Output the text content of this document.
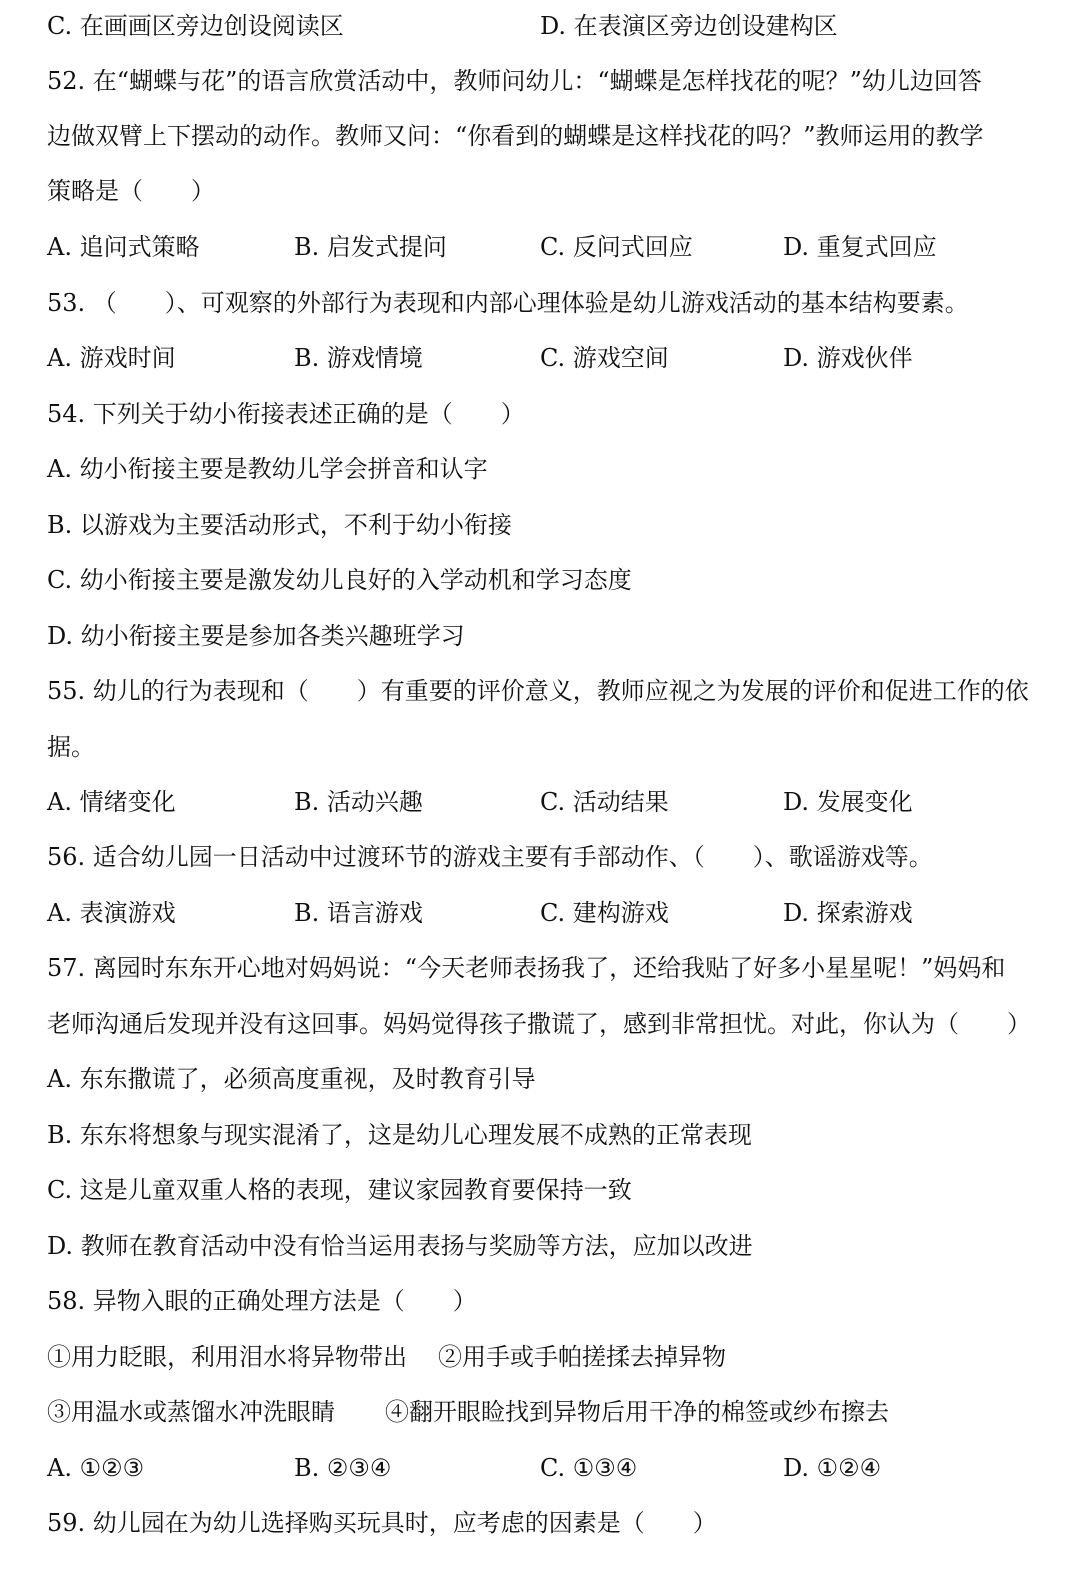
C. 在画画区旁边创设阅读区	D. 在表演区旁边创设建构区
52. 在“蝴蝶与花”的语言欣赏活动中，教师问幼儿：“蝴蝶是怎样找花的呢？”幼儿边回答
边做双臂上下摆动的动作。教师又问：“你看到的蝴蝶是这样找花的吗？”教师运用的教学
策略是（　　）
A. 追问式策略	B. 启发式提问	C. 反问式回应	D. 重复式回应
53. （　　）、可观察的外部行为表现和内部心理体验是幼儿游戏活动的基本结构要素。
A. 游戏时间	B. 游戏情境	C. 游戏空间	D. 游戏伙伴
54. 下列关于幼小衔接表述正确的是（　　）
A. 幼小衔接主要是教幼儿学会拼音和认字
B. 以游戏为主要活动形式，不利于幼小衔接
C. 幼小衔接主要是激发幼儿良好的入学动机和学习态度
D. 幼小衔接主要是参加各类兴趣班学习
55. 幼儿的行为表现和（　　）有重要的评价意义，教师应视之为发展的评价和促进工作的依
据。
A. 情绪变化	B. 活动兴趣	C. 活动结果	D. 发展变化
56. 适合幼儿园一日活动中过渡环节的游戏主要有手部动作、（　　）、歌谣游戏等。
A. 表演游戏	B. 语言游戏	C. 建构游戏	D. 探索游戏
57. 离园时东东开心地对妈妈说：“今天老师表扬我了，还给我贴了好多小星星呢！”妈妈和
老师沟通后发现并没有这回事。妈妈觉得孩子撒谎了，感到非常担忧。对此，你认为（　　）
A. 东东撒谎了，必须高度重视，及时教育引导
B. 东东将想象与现实混淆了，这是幼儿心理发展不成熟的正常表现
C. 这是儿童双重人格的表现，建议家园教育要保持一致
D. 教师在教育活动中没有恰当运用表扬与奖励等方法，应加以改进
58. 异物入眼的正确处理方法是（　　）
①用力眨眼，利用泪水将异物带出 ②用手或手帕搓揉去掉异物
③用温水或蒸馏水冲洗眼睛 ④翻开眼睑找到异物后用干净的棉签或纱布擦去
A. ①②③	B. ②③④	C. ①③④	D. ①②④
59. 幼儿园在为幼儿选择购买玩具时，应考虑的因素是（　　）
